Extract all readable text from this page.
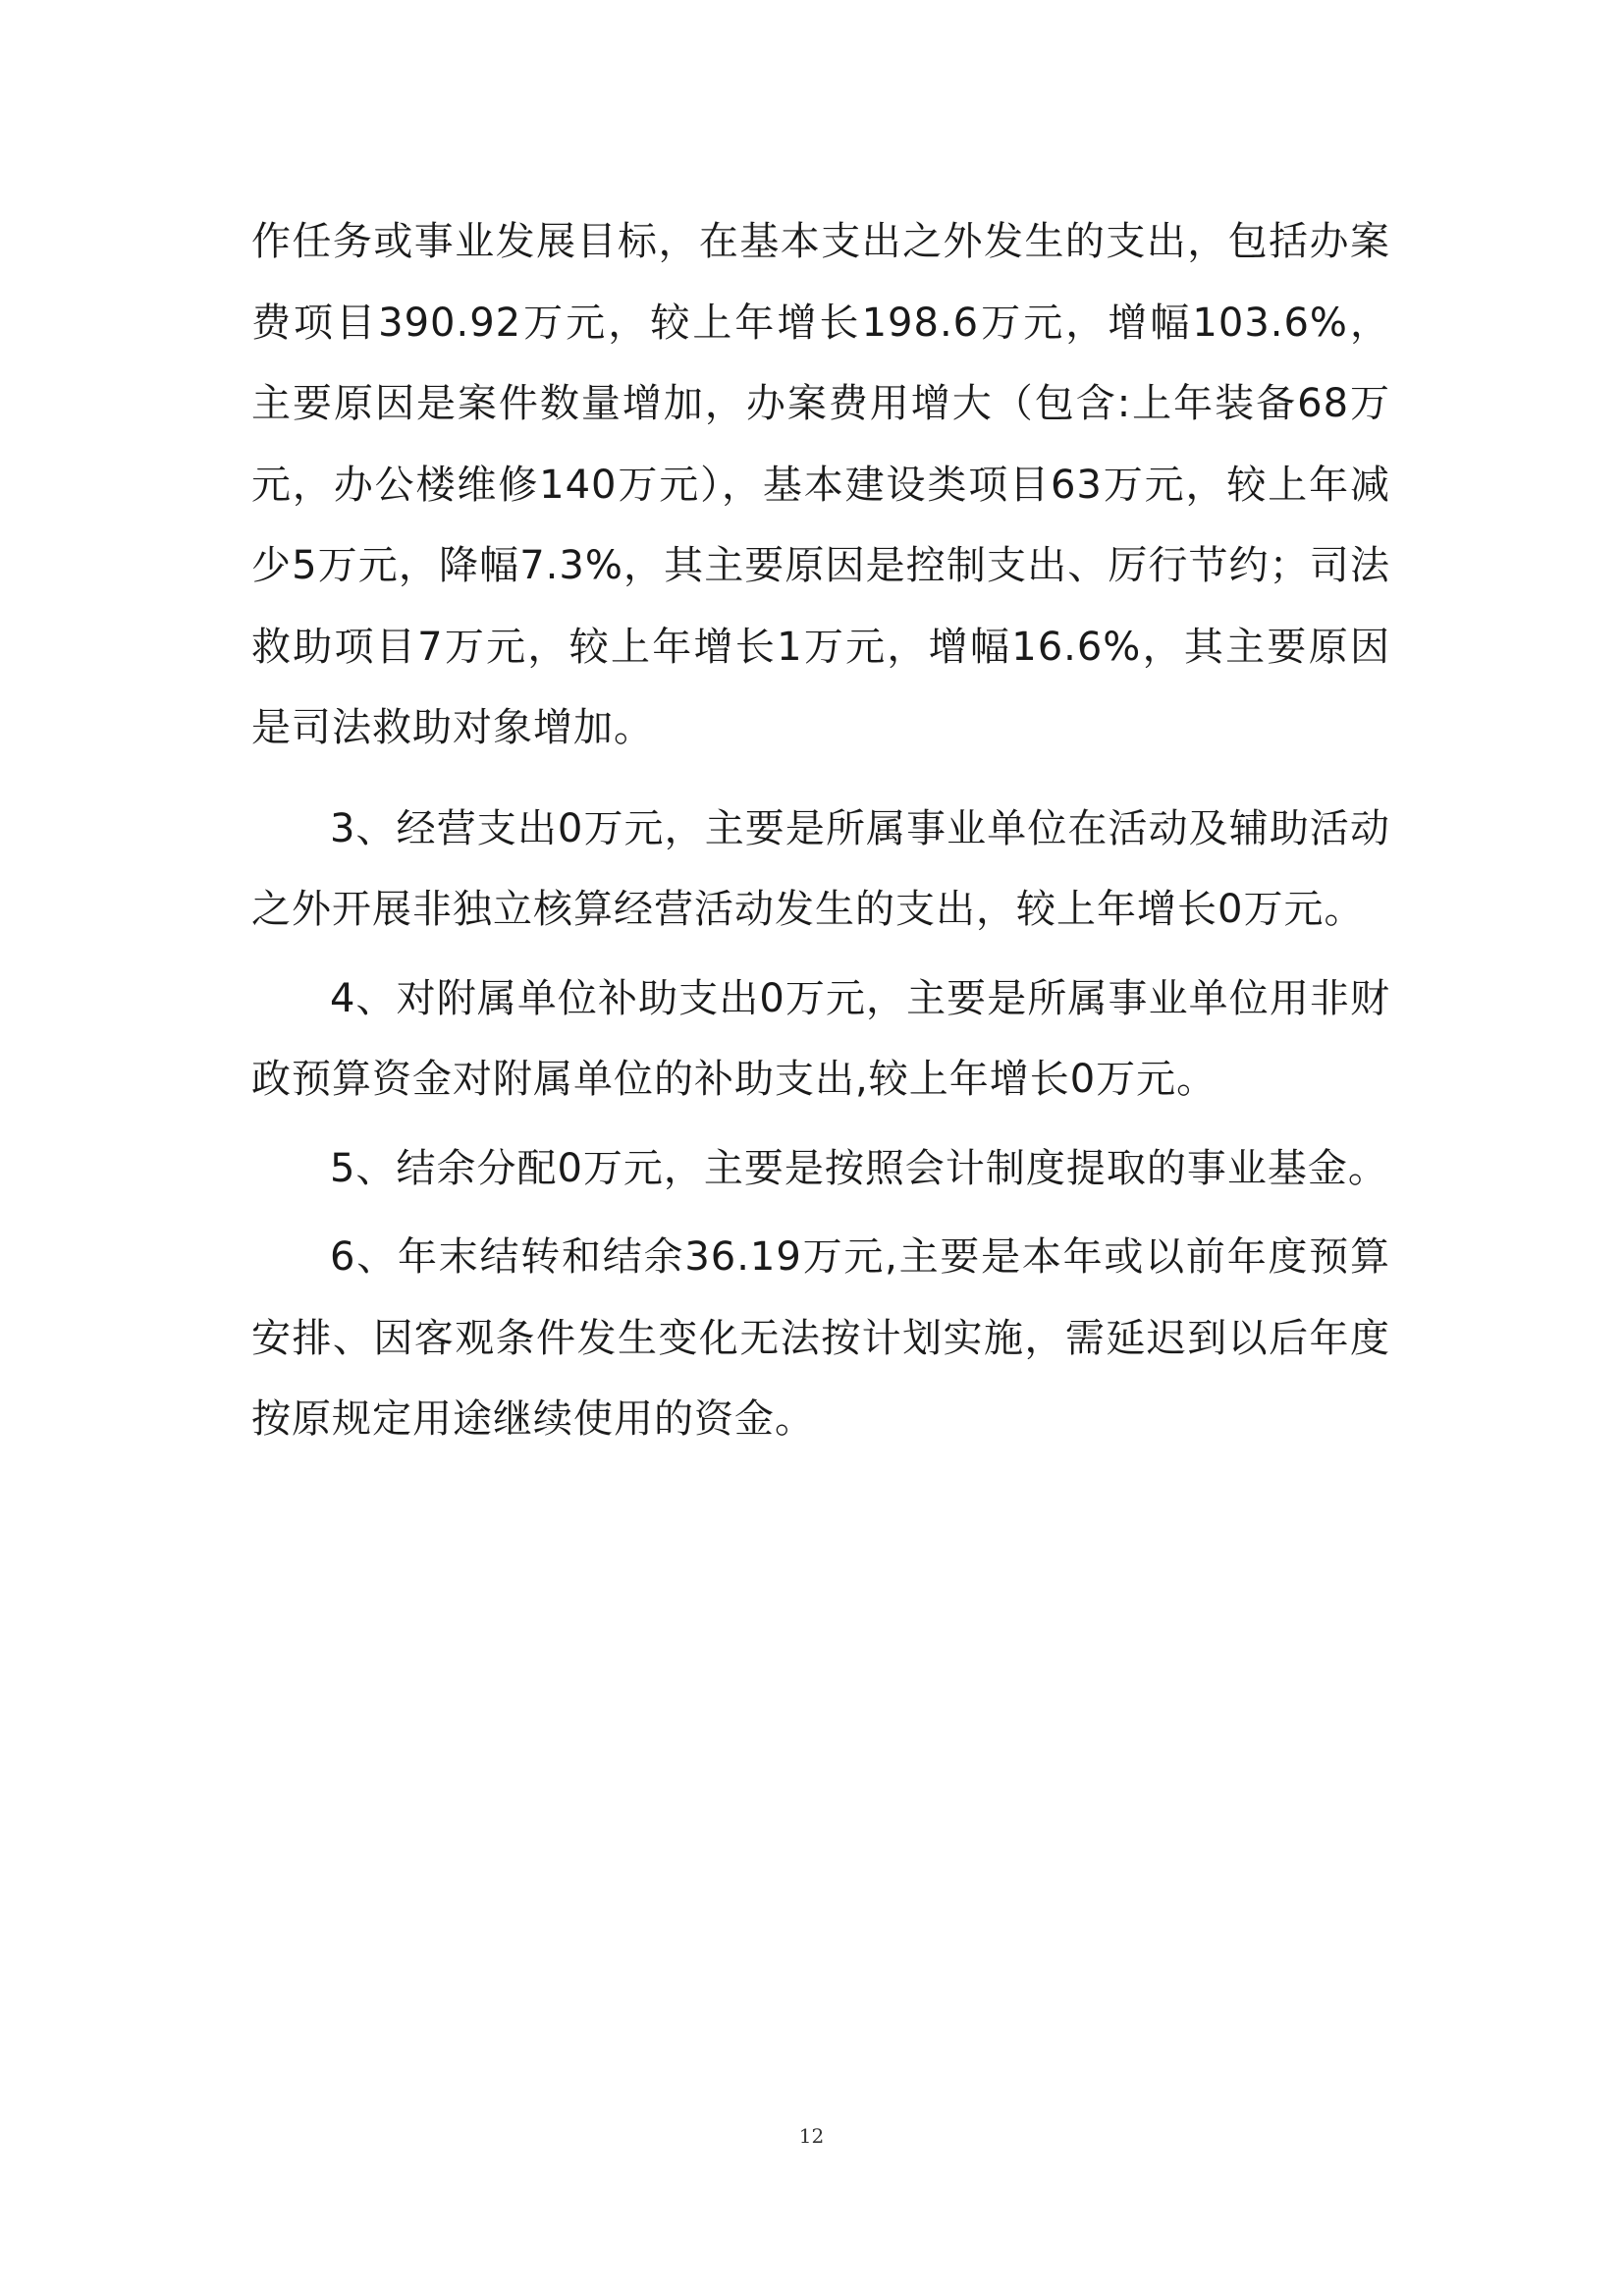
作任务或事业发展目标，在基本支出之外发生的支出，包括办案费项目390.92万元，较上年增长198.6万元，增幅103.6%，主要原因是案件数量增加，办案费用增大（包含:上年装备68万元，办公楼维修140万元），基本建设类项目63万元，较上年减少5万元，降幅7.3%，其主要原因是控制支出、厉行节约；司法救助项目7万元，较上年增长1万元，增幅16.6%，其主要原因是司法救助对象增加。

3、经营支出0万元，主要是所属事业单位在活动及辅助活动之外开展非独立核算经营活动发生的支出，较上年增长0万元。

4、对附属单位补助支出0万元，主要是所属事业单位用非财政预算资金对附属单位的补助支出,较上年增长0万元。

5、结余分配0万元，主要是按照会计制度提取的事业基金。

6、年末结转和结余36.19万元,主要是本年或以前年度预算安排、因客观条件发生变化无法按计划实施，需延迟到以后年度按原规定用途继续使用的资金。

12
